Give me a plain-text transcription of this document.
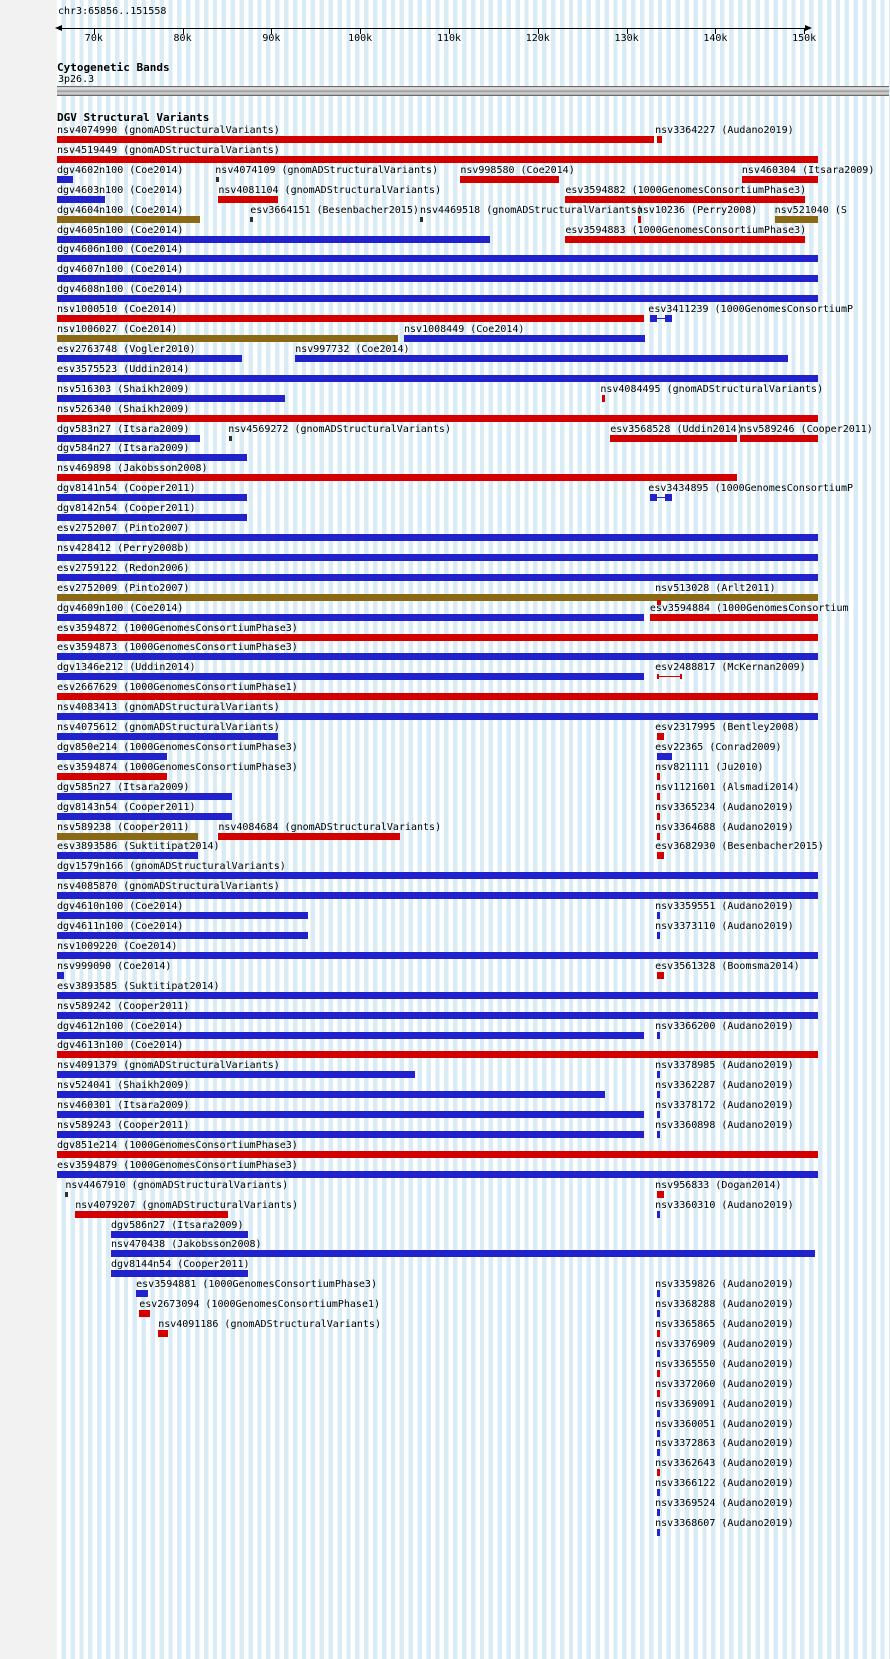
chr3:65856..151558
70k	80k	90k	100k	110k	120k	130k	140k	150k
Cytogenetic Bands
3p26.3
DGV Structural Variants
nsv4074990 (gnomADStructuralVariants)	nsv3364227 (Audano2019)
nsv4519449 (gnomADStructuralVariants)
dgv4602n100 (Coe2014)	nsv4074109 (gnomADStructuralVariants) nsv998580 (Coe2014)	nsv460304 (Itsara2009)
dgv4603n100 (Coe2014)	nsv4081104 (gnomADStructuralVariants)	esv3594882 (1000GenomesConsortiumPhase3)
dgv4604n100 (Coe2014)	esv3664151 (Besenbacher2015) nsv4469518 (gnomADStructuralVariants)
nsv10236 (Perry2008) nsv521040 (S
dgv4605n100 (Coe2014)	esv3594883 (1000GenomesConsortiumPhase3)
dgv4606n100 (Coe2014)
dgv4607n100 (Coe2014)
dgv4608n100 (Coe2014)
nsv1000510 (Coe2014)	esv3411239 (1000GenomesConsortiumP
nsv1006027 (Coe2014)	nsv1008449 (Coe2014)
esv2763748 (Vogler2010)	nsv997732 (Coe2014)
esv3575523 (Uddin2014)
nsv516303 (Shaikh2009)	nsv4084495 (gnomADStructuralVariants)
nsv526340 (Shaikh2009)
dgv583n27 (Itsara2009)	nsv4569272 (gnomADStructuralVariants)	esv3568528 (Uddin2014)
nsv589246 (Cooper2011)
dgv584n27 (Itsara2009)
nsv469898 (Jakobsson2008)
dgv8141n54 (Cooper2011)	esv3434895 (1000GenomesConsortiumP
dgv8142n54 (Cooper2011)
esv2752007 (Pinto2007)
nsv428412 (Perry2008b)
esv2759122 (Redon2006)
esv2752009 (Pinto2007)	nsv513028 (Arlt2011)
dgv4609n100 (Coe2014)	esv3594884 (1000GenomesConsortium
esv3594872 (1000GenomesConsortiumPhase3)
esv3594873 (1000GenomesConsortiumPhase3)
dgv1346e212 (Uddin2014)	esv2488817 (McKernan2009)
esv2667629 (1000GenomesConsortiumPhase1)
nsv4083413 (gnomADStructuralVariants)
nsv4075612 (gnomADStructuralVariants)	esv2317995 (Bentley2008)
dgv850e214 (1000GenomesConsortiumPhase3)	esv22365 (Conrad2009)
esv3594874 (1000GenomesConsortiumPhase3)	nsv821111 (Ju2010)
dgv585n27 (Itsara2009)	nsv1121601 (Alsmadi2014)
dgv8143n54 (Cooper2011)	nsv3365234 (Audano2019)
nsv589238 (Cooper2011)	nsv4084684 (gnomADStructuralVariants)	nsv3364688 (Audano2019)
esv3893586 (Suktitipat2014)	esv3682930 (Besenbacher2015)
dgv1579n166 (gnomADStructuralVariants)
nsv4085870 (gnomADStructuralVariants)
dgv4610n100 (Coe2014)	nsv3359551 (Audano2019)
dgv4611n100 (Coe2014)	nsv3373110 (Audano2019)
nsv1009220 (Coe2014)
nsv999090 (Coe2014)	esv3561328 (Boomsma2014)
esv3893585 (Suktitipat2014)
nsv589242 (Cooper2011)
dgv4612n100 (Coe2014)	nsv3366200 (Audano2019)
dgv4613n100 (Coe2014)
nsv4091379 (gnomADStructuralVariants)	nsv3378985 (Audano2019)
nsv524041 (Shaikh2009)	nsv3362287 (Audano2019)
nsv460301 (Itsara2009)	nsv3378172 (Audano2019)
nsv589243 (Cooper2011)	nsv3360898 (Audano2019)
dgv851e214 (1000GenomesConsortiumPhase3)
esv3594879 (1000GenomesConsortiumPhase3)
nsv4467910 (gnomADStructuralVariants)	nsv956833 (Dogan2014)
nsv4079207 (gnomADStructuralVariants)	nsv3360310 (Audano2019)
dgv586n27 (Itsara2009)
nsv470438 (Jakobsson2008)
dgv8144n54 (Cooper2011)
esv3594881 (1000GenomesConsortiumPhase3)	nsv3359826 (Audano2019)
esv2673094 (1000GenomesConsortiumPhase1)	nsv3368288 (Audano2019)
nsv4091186 (gnomADStructuralVariants)	nsv3365865 (Audano2019)
nsv3376909 (Audano2019)
nsv3365550 (Audano2019)
nsv3372060 (Audano2019)
nsv3369091 (Audano2019)
nsv3360051 (Audano2019)
nsv3372863 (Audano2019)
nsv3362643 (Audano2019)
nsv3366122 (Audano2019)
nsv3369524 (Audano2019)
nsv3368607 (Audano2019)
